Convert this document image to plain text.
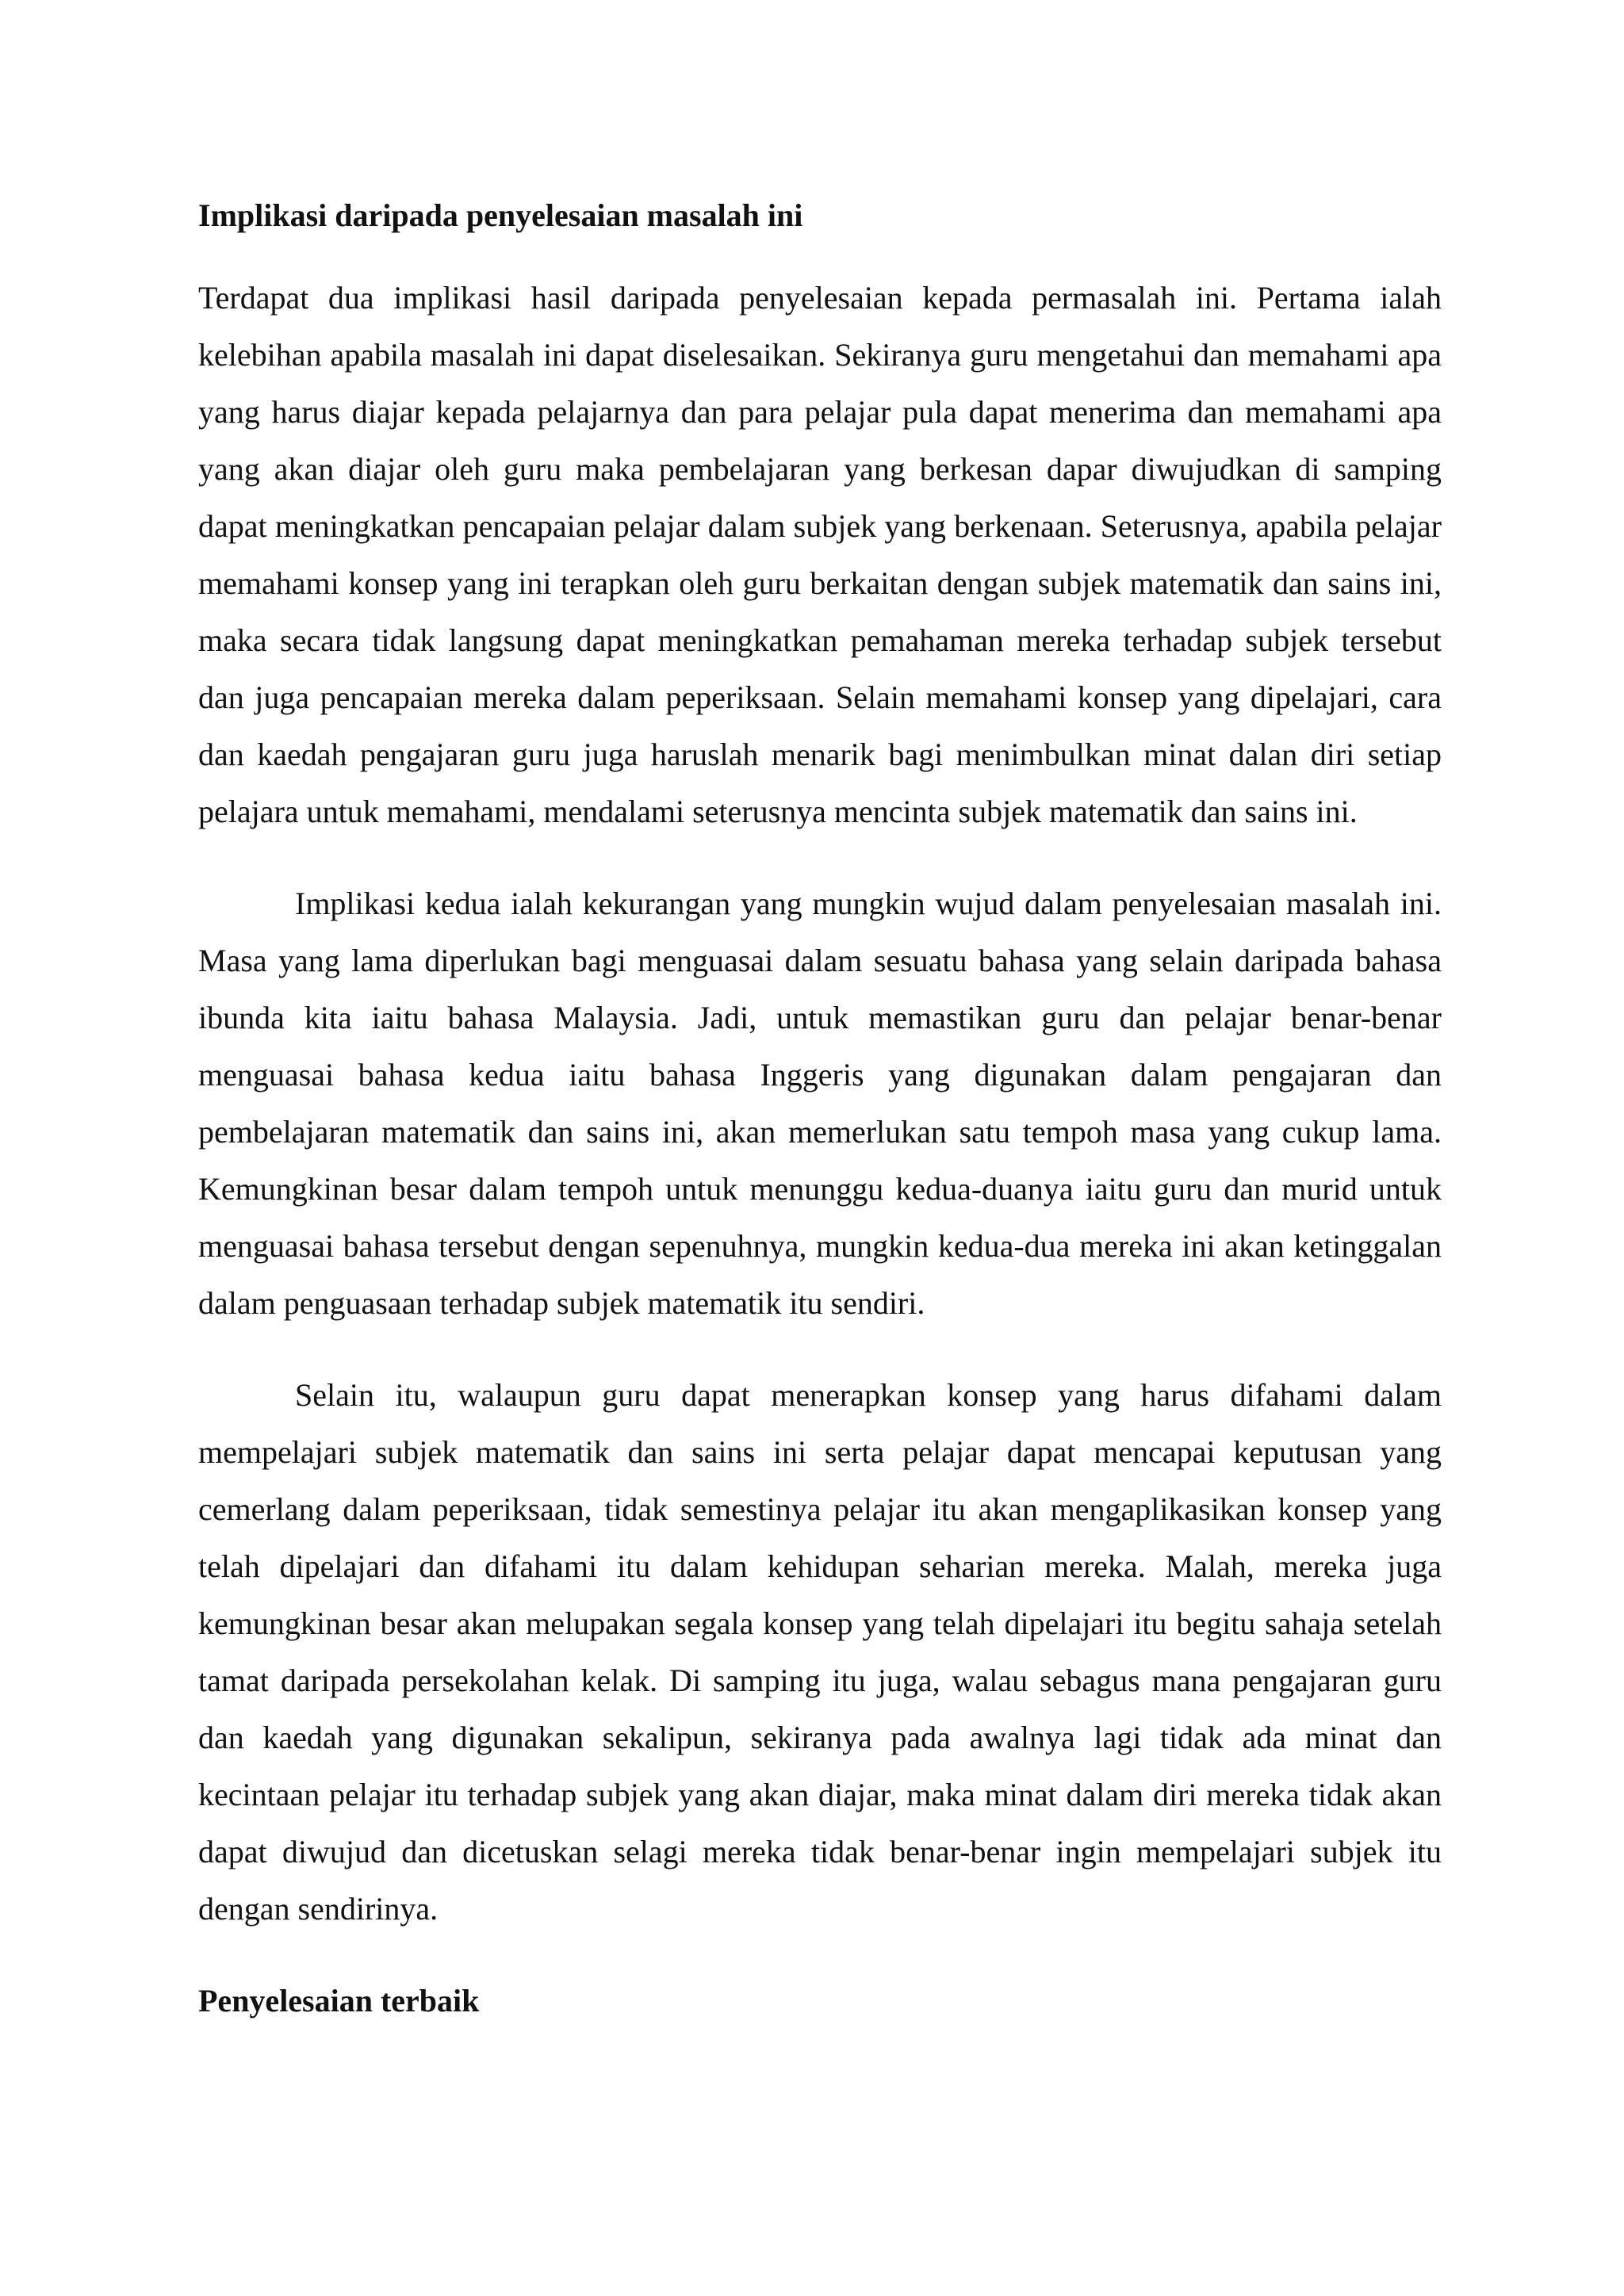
Implikasi daripada penyelesaian masalah ini

Terdapat dua implikasi hasil daripada penyelesaian kepada permasalah ini. Pertama ialah kelebihan apabila masalah ini dapat diselesaikan. Sekiranya guru mengetahui dan memahami apa yang harus diajar kepada pelajarnya dan para pelajar pula dapat menerima dan memahami apa yang akan diajar oleh guru maka pembelajaran yang berkesan dapar diwujudkan di samping dapat meningkatkan pencapaian pelajar dalam subjek yang berkenaan. Seterusnya, apabila pelajar memahami konsep yang ini terapkan oleh guru berkaitan dengan subjek matematik dan sains ini, maka secara tidak langsung dapat meningkatkan pemahaman mereka terhadap subjek tersebut dan juga pencapaian mereka dalam peperiksaan. Selain memahami konsep yang dipelajari, cara dan kaedah pengajaran guru juga haruslah menarik bagi menimbulkan minat dalan diri setiap pelajara untuk memahami, mendalami seterusnya mencinta subjek matematik dan sains ini.

Implikasi kedua ialah kekurangan yang mungkin wujud dalam penyelesaian masalah ini. Masa yang lama diperlukan bagi menguasai dalam sesuatu bahasa yang selain daripada bahasa ibunda kita iaitu bahasa Malaysia. Jadi, untuk memastikan guru dan pelajar benar-benar menguasai bahasa kedua iaitu bahasa Inggeris yang digunakan dalam pengajaran dan pembelajaran matematik dan sains ini, akan memerlukan satu tempoh masa yang cukup lama. Kemungkinan besar dalam tempoh untuk menunggu kedua-duanya iaitu guru dan murid untuk menguasai bahasa tersebut dengan sepenuhnya, mungkin kedua-dua mereka ini akan ketinggalan dalam penguasaan terhadap subjek matematik itu sendiri.

Selain itu, walaupun guru dapat menerapkan konsep yang harus difahami dalam mempelajari subjek matematik dan sains ini serta pelajar dapat mencapai keputusan yang cemerlang dalam peperiksaan, tidak semestinya pelajar itu akan mengaplikasikan konsep yang telah dipelajari dan difahami itu dalam kehidupan seharian mereka. Malah, mereka juga kemungkinan besar akan melupakan segala konsep yang telah dipelajari itu begitu sahaja setelah tamat daripada persekolahan kelak. Di samping itu juga, walau sebagus mana pengajaran guru dan kaedah yang digunakan sekalipun, sekiranya pada awalnya lagi tidak ada minat dan kecintaan pelajar itu terhadap subjek yang akan diajar, maka minat dalam diri mereka tidak akan dapat diwujud dan dicetuskan selagi mereka tidak benar-benar ingin mempelajari subjek itu dengan sendirinya.

Penyelesaian terbaik
